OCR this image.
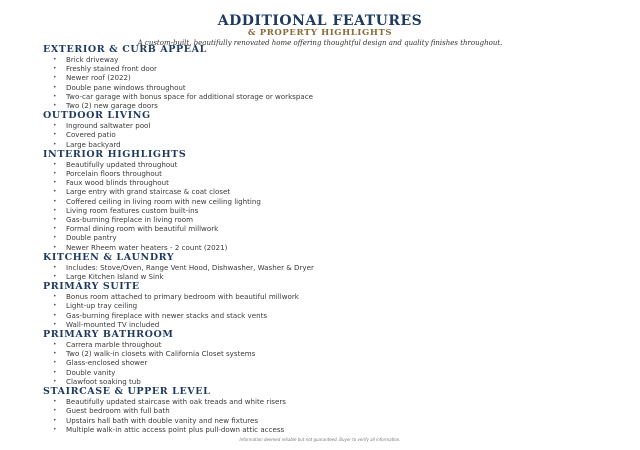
ADDITIONAL FEATURES
& PROPERTY HIGHLIGHTS
A custom-built, beautifully renovated home offering thoughtful design and quality finishes throughout.
EXTERIOR & CURB APPEAL
• Brick driveway
• Freshly stained front door
• Newer roof (2022)
• Double pane windows throughout
• Two-car garage with bonus space for additional storage or workspace
• Two (2) new garage doors
OUTDOOR LIVING
• Inground saltwater pool
• Covered patio
• Large backyard
INTERIOR HIGHLIGHTS
• Beautifully updated throughout
• Porcelain floors throughout
• Faux wood blinds throughout
• Large entry with grand staircase & coat closet
• Coffered ceiling in living room with new ceiling lighting
• Living room features custom built-ins
• Gas-burning fireplace in living room
• Formal dining room with beautiful millwork
• Double pantry
• Newer Rheem water heaters - 2 count (2021)
KITCHEN & LAUNDRY
• Includes: Stove/Oven, Range Vent Hood, Dishwasher, Washer & Dryer
• Large Kitchen Island w Sink
PRIMARY SUITE
• Bonus room attached to primary bedroom with beautiful millwork
• Light-up tray ceiling
• Gas-burning fireplace with newer stacks and stack vents
• Wall-mounted TV included
PRIMARY BATHROOM
• Carrera marble throughout
• Two (2) walk-in closets with California Closet systems
• Glass-enclosed shower
• Double vanity
• Clawfoot soaking tub
STAIRCASE & UPPER LEVEL
• Beautifully updated staircase with oak treads and white risers
• Guest bedroom with full bath
• Upstairs hall bath with double vanity and new fixtures
• Multiple walk-in attic access point plus pull-down attic access
Information deemed reliable but not guaranteed. Buyer to verify all information.
